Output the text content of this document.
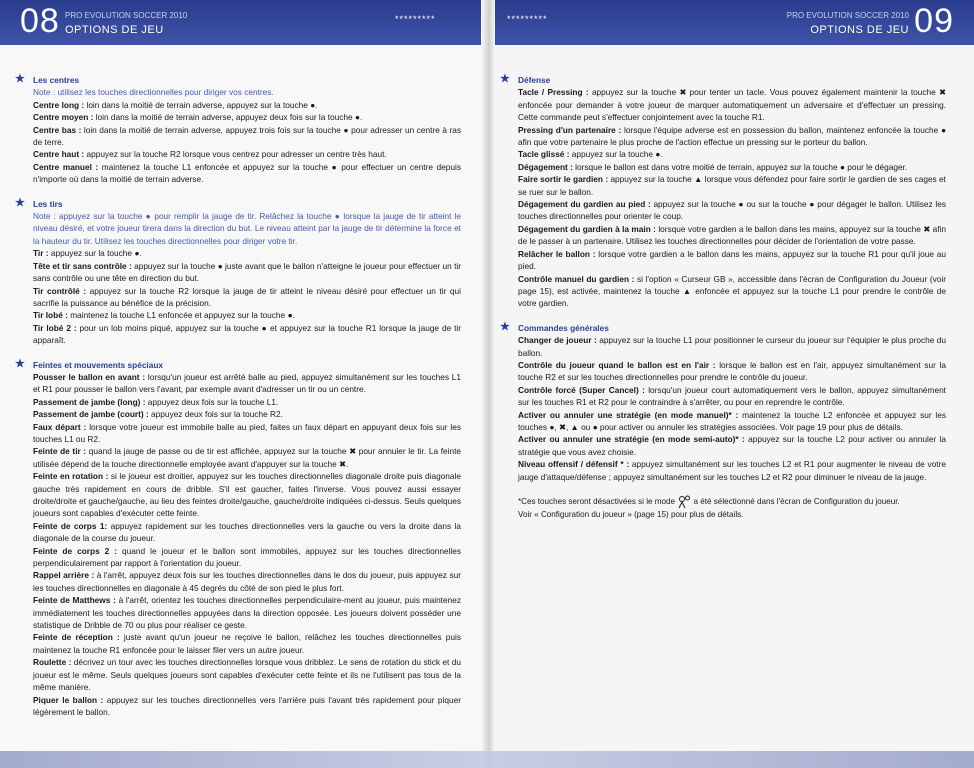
08 PRO EVOLUTION SOCCER 2010
OPTIONS DE JEU
*********
★ Les centres
Note : utilisez les touches directionnelles pour diriger vos centres.
Centre long : loin dans la moitié de terrain adverse, appuyez sur la touche ●.
Centre moyen : loin dans la moitié de terrain adverse, appuyez deux fois sur la touche ●.
Centre bas : loin dans la moitié de terrain adverse, appuyez trois fois sur la touche ● pour adresser un centre à ras de terre.
Centre haut : appuyez sur la touche R2 lorsque vous centrez pour adresser un centre très haut.
Centre manuel : maintenez la touche L1 enfoncée et appuyez sur la touche ● pour effectuer un centre depuis n'importe où dans la moitié de terrain adverse.
★ Les tirs
Note : appuyez sur la touche ● pour remplir la jauge de tir. Relâchez la touche ● lorsque la jauge de tir atteint le niveau désiré, et votre joueur tirera dans la direction du but. Le niveau atteint par la jauge de tir détermine la force et la hauteur du tir. Utilisez les touches directionnelles pour diriger votre tir.
Tir : appuyez sur la touche ●.
Tête et tir sans contrôle : appuyez sur la touche ● juste avant que le ballon n'atteigne le joueur pour effectuer un tir sans contrôle ou une tête en direction du but.
Tir contrôlé : appuyez sur la touche R2 lorsque la jauge de tir atteint le niveau désiré pour effectuer un tir qui sacrifie la puissance au bénéfice de la précision.
Tir lobé : maintenez la touche L1 enfoncée et appuyez sur la touche ●.
Tir lobé 2 : pour un lob moins piqué, appuyez sur la touche ● et appuyez sur la touche R1 lorsque la jauge de tir apparaît.
★ Feintes et mouvements spéciaux
Pousser le ballon en avant : lorsqu'un joueur est arrêté balle au pied, appuyez simultanément sur les touches L1 et R1 pour pousser le ballon vers l'avant, par exemple avant d'adresser un tir ou un centre.
Passement de jambe (long) : appuyez deux fois sur la touche L1.
Passement de jambe (court) : appuyez deux fois sur la touche R2.
Faux départ : lorsque votre joueur est immobile balle au pied, faites un faux départ en appuyant deux fois sur les touches L1 ou R2.
Feinte de tir : quand la jauge de passe ou de tir est affichée, appuyez sur la touche ✖ pour annuler le tir. La feinte utilisée dépend de la touche directionnelle employée avant d'appuyer sur la touche ✖.
Feinte en rotation : si le joueur est droitier, appuyez sur les touches directionnelles diagonale droite puis diagonale gauche très rapidement en cours de dribble. S'il est gaucher, faites l'inverse. Vous pouvez aussi essayer droite/droite et gauche/gauche, au lieu des feintes droite/gauche, gauche/droite indiquées ci-dessus. Seuls quelques joueurs sont capables d'exécuter cette feinte.
Feinte de corps 1: appuyez rapidement sur les touches directionnelles vers la gauche ou vers la droite dans la diagonale de la course du joueur.
Feinte de corps 2 : quand le joueur et le ballon sont immobiles, appuyez sur les touches directionnelles perpendiculairement par rapport à l'orientation du joueur.
Rappel arrière : à l'arrêt, appuyez deux fois sur les touches directionnelles dans le dos du joueur, puis appuyez sur les touches directionnelles en diagonale à 45 degrés du côté de son pied le plus fort.
Feinte de Matthews : à l'arrêt, orientez les touches directionnelles perpendiculaire-ment au joueur, puis maintenez immédiatement les touches directionnelles appuyées dans la direction opposée. Les joueurs doivent posséder une statistique de Dribble de 70 ou plus pour réaliser ce geste.
Feinte de réception : juste avant qu'un joueur ne reçoive le ballon, relâchez les touches directionnelles puis maintenez la touche R1 enfoncée pour le laisser filer vers un autre joueur.
Roulette : décrivez un tour avec les touches directionnelles lorsque vous dribblez. Le sens de rotation du stick et du joueur est le même. Seuls quelques joueurs sont capables d'exécuter cette feinte et ils ne l'utilisent pas tous de la même manière.
Piquer le ballon : appuyez sur les touches directionnelles vers l'arrière puis l'avant très rapidement pour piquer légèrement le ballon.
*********	PRO EVOLUTION SOCCER 2010
OPTIONS DE JEU 09
★ Défense
Tacle / Pressing : appuyez sur la touche ✖ pour tenter un tacle. Vous pouvez également maintenir la touche ✖ enfoncée pour demander à votre joueur de marquer automatiquement un adversaire et d'effectuer un pressing. Cette commande peut s'effectuer conjointement avec la touche R1.
Pressing d'un partenaire : lorsque l'équipe adverse est en possession du ballon, maintenez enfoncée la touche ● afin que votre partenaire le plus proche de l'action effectue un pressing sur le porteur du ballon.
Tacle glissé : appuyez sur la touche ●.
Dégagement : lorsque le ballon est dans votre moitié de terrain, appuyez sur la touche ● pour le dégager.
Faire sortir le gardien : appuyez sur la touche ▲ lorsque vous défendez pour faire sortir le gardien de ses cages et se ruer sur le ballon.
Dégagement du gardien au pied : appuyez sur la touche ● ou sur la touche ● pour dégager le ballon. Utilisez les touches directionnelles pour orienter le coup.
Dégagement du gardien à la main : lorsque votre gardien a le ballon dans les mains, appuyez sur la touche ✖ afin de le passer à un partenaire. Utilisez les touches directionnelles pour décider de l'orientation de votre passe.
Relâcher le ballon : lorsque votre gardien a le ballon dans les mains, appuyez sur la touche R1 pour qu'il joue au pied.
Contrôle manuel du gardien : si l'option « Curseur GB », accessible dans l'écran de Configuration du Joueur (voir page 15), est activée, maintenez la touche ▲ enfoncée et appuyez sur la touche L1 pour prendre le contrôle de votre gardien.
★ Commandes générales
Changer de joueur : appuyez sur la touche L1 pour positionner le curseur du joueur sur l'équipier le plus proche du ballon.
Contrôle du joueur quand le ballon est en l'air : lorsque le ballon est en l'air, appuyez simultanément sur la touche R2 et sur les touches directionnelles pour prendre le contrôle du joueur.
Contrôle forcé (Super Cancel) : lorsqu'un joueur court automatiquement vers le ballon, appuyez simultanément sur les touches R1 et R2 pour le contraindre à s'arrêter, ou pour en reprendre le contrôle.
Activer ou annuler une stratégie (en mode manuel)* : maintenez la touche L2 enfoncée et appuyez sur les touches ●, ✖, ▲ ou ● pour activer ou annuler les stratégies associées. Voir page 19 pour plus de détails.
Activer ou annuler une stratégie (en mode semi-auto)* : appuyez sur la touche L2 pour activer ou annuler la stratégie que vous avez choisie.
Niveau offensif / défensif * : appuyez simultanément sur les touches L2 et R1 pour augmenter le niveau de votre jauge d'attaque/défense ; appuyez simultanément sur les touches L2 et R2 pour diminuer le niveau de la jauge.
*Ces touches seront désactivées si le mode  a été sélectionné dans l'écran de Configuration du joueur.
Voir « Configuration du joueur » (page 15) pour plus de détails.
